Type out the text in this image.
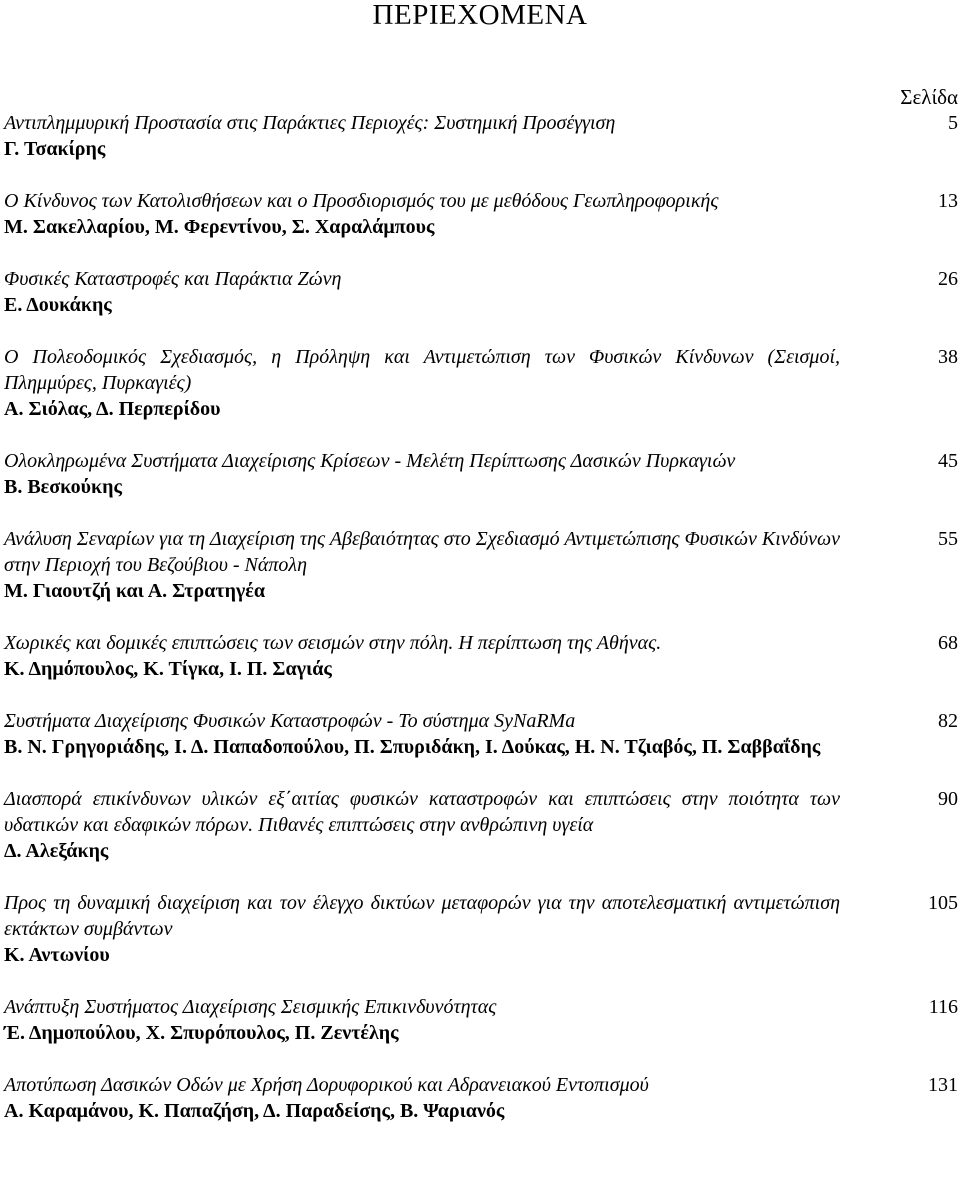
ΠΕΡΙΕΧΟΜΕΝΑ
Σελίδα

Αντιπλημμυρική Προστασία στις Παράκτιες Περιοχές: Συστημική Προσέγγιση

Γ. Τσακίρης

5

Ο Κίνδυνος των Κατολισθήσεων και ο Προσδιορισμός του με μεθόδους Γεωπληροφορικής

Μ. Σακελλαρίου, Μ. Φερεντίνου, Σ. Χαραλάμπους

13

Φυσικές Καταστροφές και Παράκτια Ζώνη

Ε. Δουκάκης

26

Ο Πολεοδομικός Σχεδιασμός, η Πρόληψη και Αντιμετώπιση των Φυσικών Κίνδυνων (Σεισμοί, Πλημμύρες, Πυρκαγιές)

Α. Σιόλας, Δ. Περπερίδου

38

Ολοκληρωμένα Συστήματα Διαχείρισης Κρίσεων - Μελέτη Περίπτωσης Δασικών Πυρκαγιών

Β. Βεσκούκης

45

Ανάλυση Σεναρίων για τη Διαχείριση της Αβεβαιότητας στο Σχεδιασμό Αντιμετώπισης Φυσικών Κινδύνων στην Περιοχή του Βεζούβιου - Νάπολη

Μ. Γιαουτζή και Α. Στρατηγέα

55

Χωρικές και δομικές επιπτώσεις των σεισμών στην πόλη. Η περίπτωση της Αθήνας.

Κ. Δημόπουλος, Κ. Τίγκα, Ι. Π. Σαγιάς

68

Συστήματα Διαχείρισης Φυσικών Καταστροφών - Το σύστημα SyNaRMa

Β. Ν. Γρηγοριάδης, Ι. Δ. Παπαδοπούλου, Π. Σπυριδάκη, Ι. Δούκας, Η. Ν. Τζιαβός, Π. Σαββαΐδης

82

Διασπορά επικίνδυνων υλικών εξ΄αιτίας φυσικών καταστροφών και επιπτώσεις στην ποιότητα των υδατικών και εδαφικών πόρων. Πιθανές επιπτώσεις στην ανθρώπινη υγεία

Δ. Αλεξάκης

90

Προς τη δυναμική διαχείριση και τον έλεγχο δικτύων μεταφορών για την αποτελεσματική αντιμετώπιση εκτάκτων συμβάντων

Κ. Αντωνίου

105

Ανάπτυξη Συστήματος Διαχείρισης Σεισμικής Επικινδυνότητας

Έ. Δημοπούλου, Χ. Σπυρόπουλος, Π. Ζεντέλης

116

Αποτύπωση Δασικών Οδών με Χρήση Δορυφορικού και Αδρανειακού Εντοπισμού

Α. Καραμάνου, Κ. Παπαζήση, Δ. Παραδείσης, Β. Ψαριανός

131
